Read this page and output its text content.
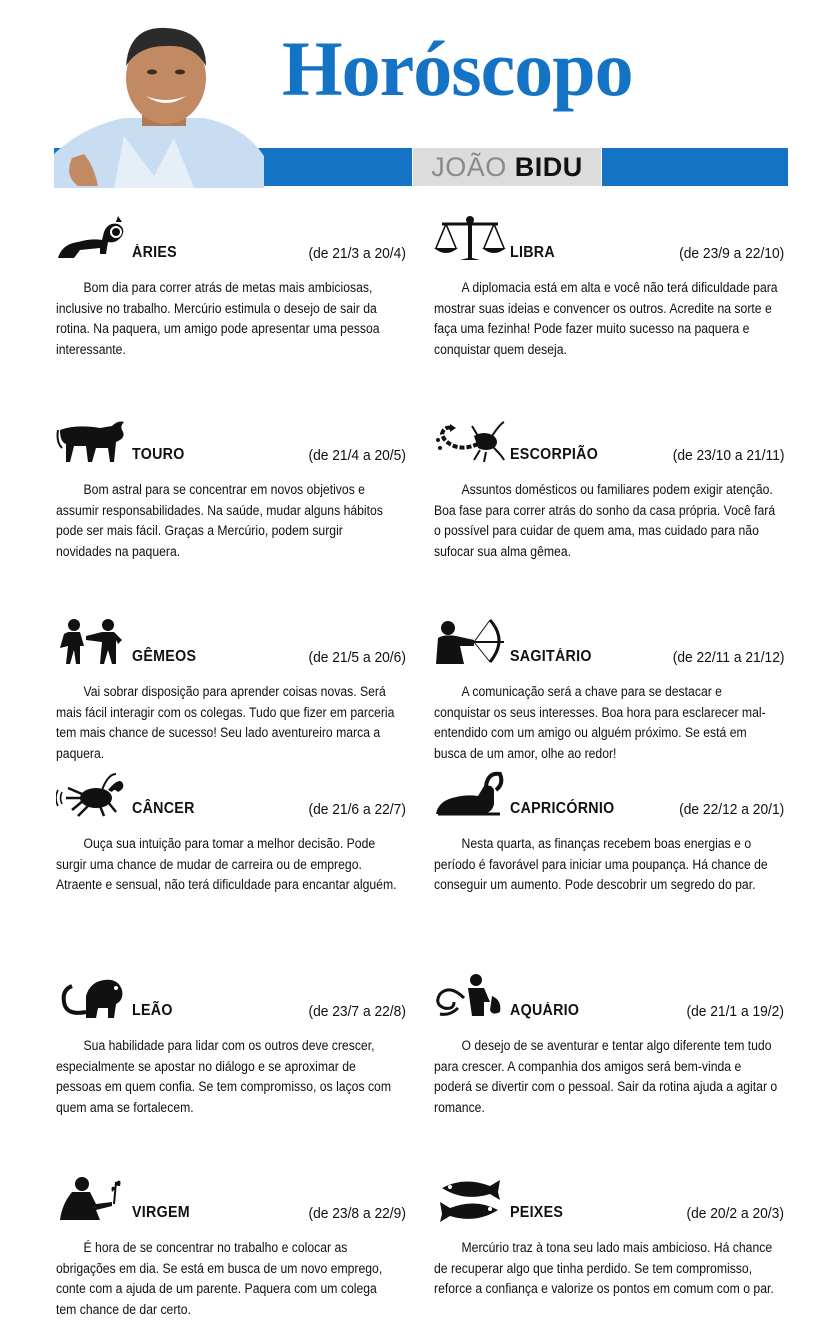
JOÃO BIDU
Horóscopo
ÁRIES	(de 21/3 a 20/4)
Bom dia para correr atrás de metas mais ambiciosas, inclusive no trabalho. Mercúrio estimula o desejo de sair da rotina. Na paquera, um amigo pode apresentar uma pessoa interessante.
LIBRA	(de 23/9 a 22/10)
A diplomacia está em alta e você não terá dificuldade para mostrar suas ideias e convencer os outros. Acredite na sorte e faça uma fezinha! Pode fazer muito sucesso na paquera e conquistar quem deseja.
TOURO	(de 21/4 a 20/5)
Bom astral para se concentrar em novos objetivos e assumir responsabilidades. Na saúde, mudar alguns hábitos pode ser mais fácil. Graças a Mercúrio, podem surgir novidades na paquera.
ESCORPIÃO	(de 23/10 a 21/11)
Assuntos domésticos ou familiares podem exigir atenção. Boa fase para correr atrás do sonho da casa própria. Você fará o possível para cuidar de quem ama, mas cuidado para não sufocar sua alma gêmea.
GÊMEOS	(de 21/5 a 20/6)
Vai sobrar disposição para aprender coisas novas. Será mais fácil interagir com os colegas. Tudo que fizer em parceria tem mais chance de sucesso! Seu lado aventureiro marca a paquera.
SAGITÁRIO	(de 22/11 a 21/12)
A comunicação será a chave para se destacar e conquistar os seus interesses. Boa hora para esclarecer mal-entendido com um amigo ou alguém próximo. Se está em busca de um amor, olhe ao redor!
CÂNCER	(de 21/6 a 22/7)
Ouça sua intuição para tomar a melhor decisão. Pode surgir uma chance de mudar de carreira ou de emprego. Atraente e sensual, não terá dificuldade para encantar alguém.
CAPRICÓRNIO	(de 22/12 a 20/1)
Nesta quarta, as finanças recebem boas energias e o período é favorável para iniciar uma poupança. Há chance de conseguir um aumento. Pode descobrir um segredo do par.
LEÃO	(de 23/7 a 22/8)
Sua habilidade para lidar com os outros deve crescer, especialmente se apostar no diálogo e se aproximar de pessoas em quem confia. Se tem compromisso, os laços com quem ama se fortalecem.
AQUÁRIO	(de 21/1 a 19/2)
O desejo de se aventurar e tentar algo diferente tem tudo para crescer. A companhia dos amigos será bem-vinda e poderá se divertir com o pessoal. Sair da rotina ajuda a agitar o romance.
VIRGEM	(de 23/8 a 22/9)
É hora de se concentrar no trabalho e colocar as obrigações em dia. Se está em busca de um novo emprego, conte com a ajuda de um parente. Paquera com um colega tem chance de dar certo.
PEIXES	(de 20/2 a 20/3)
Mercúrio traz à tona seu lado mais ambicioso. Há chance de recuperar algo que tinha perdido. Se tem compromisso, reforce a confiança e valorize os pontos em comum com o par.
